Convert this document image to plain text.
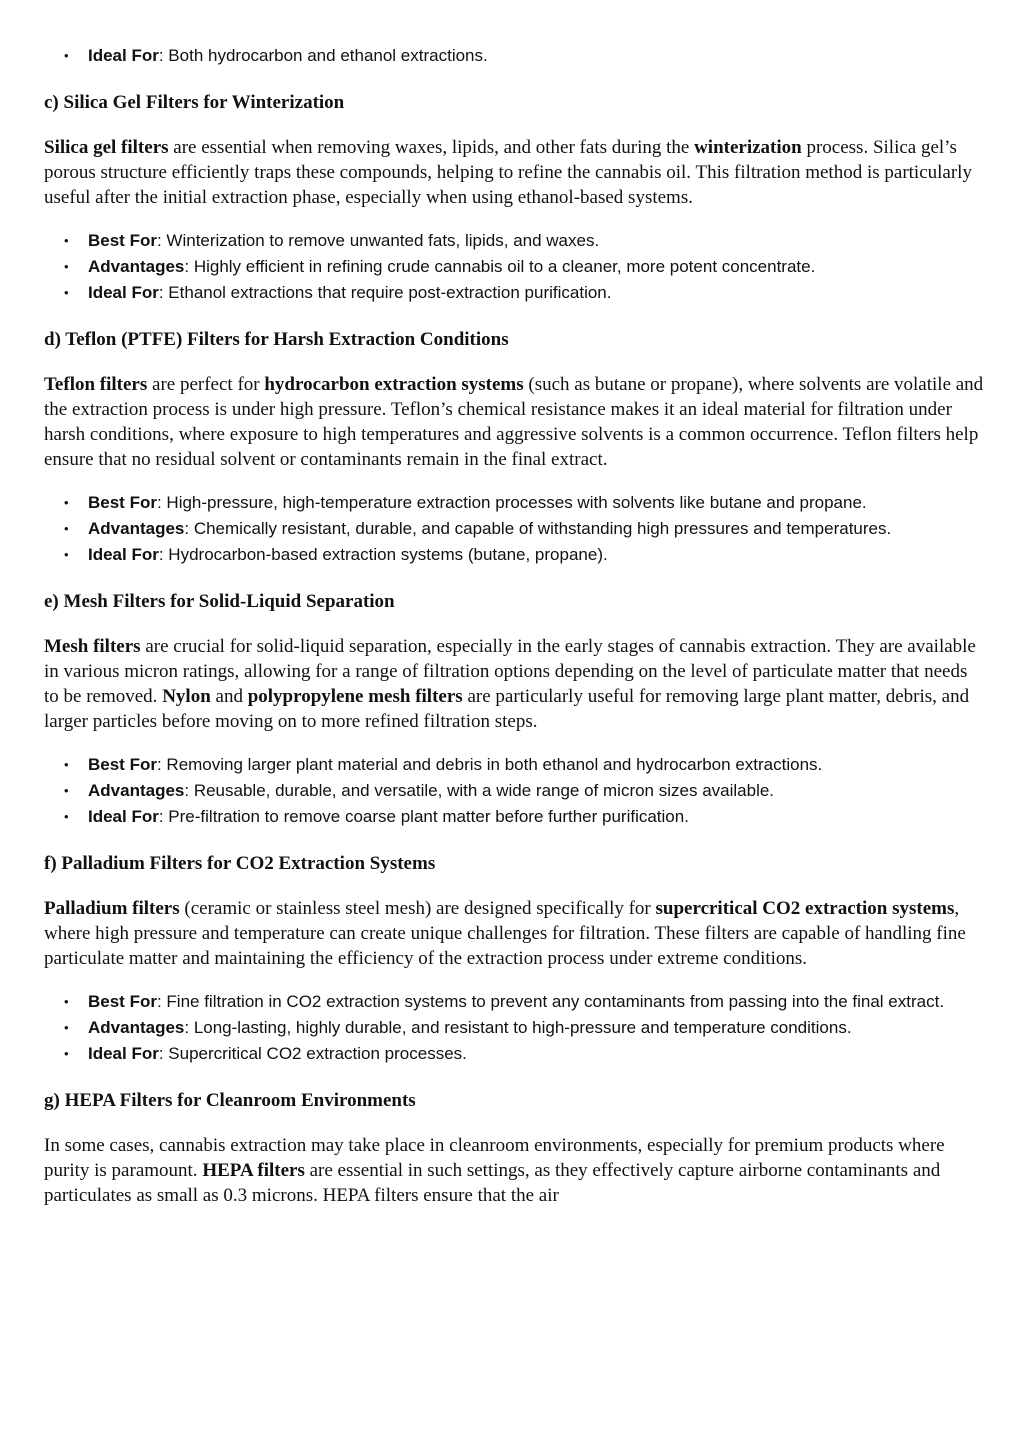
• Ideal For: Both hydrocarbon and ethanol extractions.
c) Silica Gel Filters for Winterization

Silica gel filters are essential when removing waxes, lipids, and other fats during the winterization process. Silica gel’s porous structure efficiently traps these compounds, helping to refine the cannabis oil. This filtration method is particularly useful after the initial extraction phase, especially when using ethanol-based systems.

• Best For: Winterization to remove unwanted fats, lipids, and waxes.
• Advantages: Highly efficient in refining crude cannabis oil to a cleaner, more potent concentrate.
• Ideal For: Ethanol extractions that require post-extraction purification.
d) Teflon (PTFE) Filters for Harsh Extraction Conditions

Teflon filters are perfect for hydrocarbon extraction systems (such as butane or propane), where solvents are volatile and the extraction process is under high pressure. Teflon’s chemical resistance makes it an ideal material for filtration under harsh conditions, where exposure to high temperatures and aggressive solvents is a common occurrence. Teflon filters help ensure that no residual solvent or contaminants remain in the final extract.

• Best For: High-pressure, high-temperature extraction processes with solvents like butane and propane.
• Advantages: Chemically resistant, durable, and capable of withstanding high pressures and temperatures.
• Ideal For: Hydrocarbon-based extraction systems (butane, propane).
e) Mesh Filters for Solid-Liquid Separation

Mesh filters are crucial for solid-liquid separation, especially in the early stages of cannabis extraction. They are available in various micron ratings, allowing for a range of filtration options depending on the level of particulate matter that needs to be removed. Nylon and polypropylene mesh filters are particularly useful for removing large plant matter, debris, and larger particles before moving on to more refined filtration steps.

• Best For: Removing larger plant material and debris in both ethanol and hydrocarbon extractions.
• Advantages: Reusable, durable, and versatile, with a wide range of micron sizes available.
• Ideal For: Pre-filtration to remove coarse plant matter before further purification.
f) Palladium Filters for CO2 Extraction Systems

Palladium filters (ceramic or stainless steel mesh) are designed specifically for supercritical CO2 extraction systems, where high pressure and temperature can create unique challenges for filtration. These filters are capable of handling fine particulate matter and maintaining the efficiency of the extraction process under extreme conditions.

• Best For: Fine filtration in CO2 extraction systems to prevent any contaminants from passing into the final extract.
• Advantages: Long-lasting, highly durable, and resistant to high-pressure and temperature conditions.
• Ideal For: Supercritical CO2 extraction processes.
g) HEPA Filters for Cleanroom Environments

In some cases, cannabis extraction may take place in cleanroom environments, especially for premium products where purity is paramount. HEPA filters are essential in such settings, as they effectively capture airborne contaminants and particulates as small as 0.3 microns. HEPA filters ensure that the air
